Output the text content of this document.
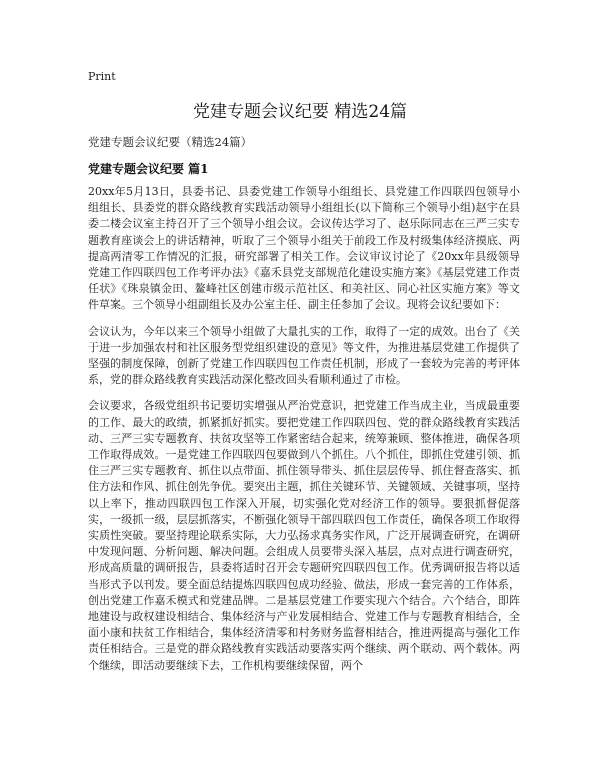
Print
党建专题会议纪要 精选24篇
党建专题会议纪要（精选24篇）
党建专题会议纪要 篇1

20xx年5月13日，县委书记、县委党建工作领导小组组长、县党建工作四联四包领导小组组长、县委党的群众路线教育实践活动领导小组组长(以下简称三个领导小组)赵宇在县委二楼会议室主持召开了三个领导小组会议。会议传达学习了、赵乐际同志在三严三实专题教育座谈会上的讲话精神，听取了三个领导小组关于前段工作及村级集体经济摸底、两提高两清零工作情况的汇报，研究部署了相关工作。会议审议讨论了《20xx年县级领导党建工作四联四包工作考评办法》《嘉禾县党支部规范化建设实施方案》《基层党建工作责任状》《珠泉镇金田、鳌峰社区创建市级示范社区、和美社区、同心社区实施方案》等文件草案。三个领导小组副组长及办公室主任、副主任参加了会议。现将会议纪要如下：

会议认为，今年以来三个领导小组做了大量扎实的工作，取得了一定的成效。出台了《关于进一步加强农村和社区服务型党组织建设的意见》等文件，为推进基层党建工作提供了坚强的制度保障，创新了党建工作四联四包工作责任机制，形成了一套较为完善的考评体系，党的群众路线教育实践活动深化整改回头看顺利通过了市检。

会议要求，各级党组织书记要切实增强从严治党意识，把党建工作当成主业，当成最重要的工作、最大的政绩，抓紧抓好抓实。要把党建工作四联四包、党的群众路线教育实践活动、三严三实专题教育、扶贫攻坚等工作紧密结合起来，统筹兼顾、整体推进，确保各项工作取得成效。一是党建工作四联四包要做到八个抓住。八个抓住，即抓住党建引领、抓住三严三实专题教育、抓住以点带面、抓住领导带头、抓住层层传导、抓住督查落实、抓住方法和作风、抓住创先争优。要突出主题，抓住关键环节、关键领域、关键事项，坚持以上率下，推动四联四包工作深入开展，切实强化党对经济工作的领导。要狠抓督促落实，一级抓一级，层层抓落实，不断强化领导干部四联四包工作责任，确保各项工作取得实质性突破。要坚持理论联系实际，大力弘扬求真务实作风，广泛开展调查研究，在调研中发现问题、分析问题、解决问题。会组成人员要带头深入基层，点对点进行调查研究，形成高质量的调研报告，县委将适时召开会专题研究四联四包工作。优秀调研报告将以适当形式予以刊发。要全面总结提炼四联四包成功经验、做法，形成一套完善的工作体系，创出党建工作嘉禾模式和党建品牌。二是基层党建工作要实现六个结合。六个结合，即阵地建设与政权建设相结合、集体经济与产业发展相结合、党建工作与专题教育相结合，全面小康和扶贫工作相结合，集体经济清零和村务财务监督相结合，推进两提高与强化工作责任相结合。三是党的群众路线教育实践活动要落实两个继续、两个联动、两个载体。两个继续，即活动要继续下去，工作机构要继续保留，两个
